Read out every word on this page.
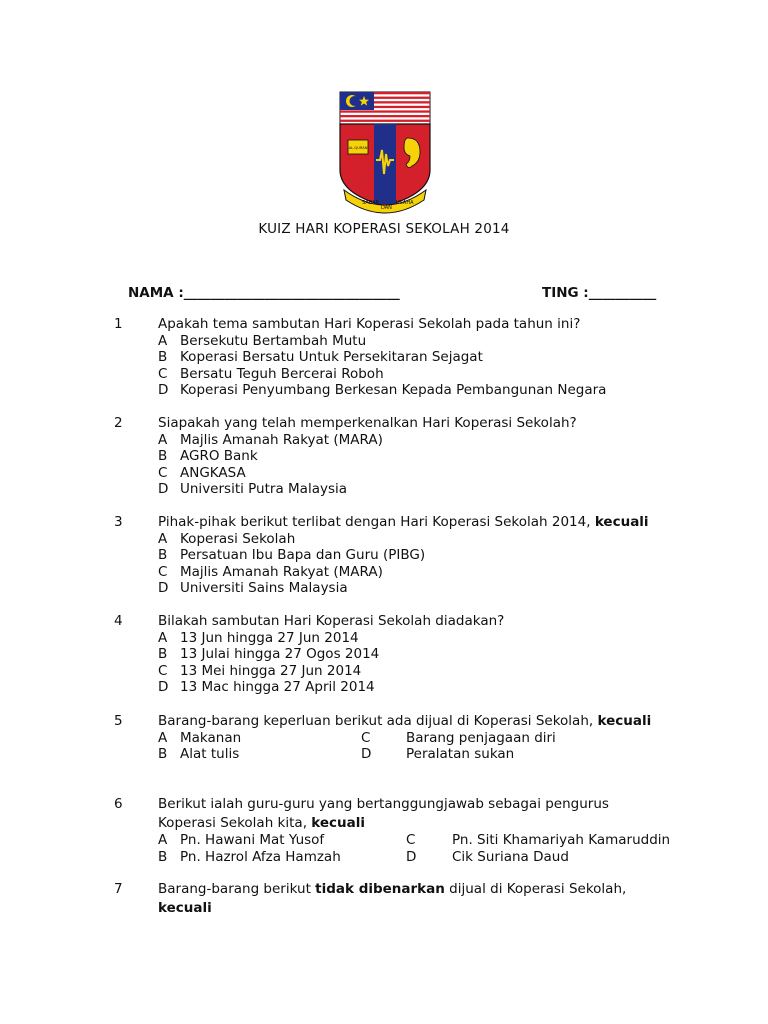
AL-QURAN
SABAR
DAN
USAHA
KUIZ HARI KOPERASI SEKOLAH 2014
NAMA :________________________________	TING :__________
1	Apakah tema sambutan Hari Koperasi Sekolah pada tahun ini?
A Bersekutu Bertambah Mutu
B Koperasi Bersatu Untuk Persekitaran Sejagat
C Bersatu Teguh Bercerai Roboh
D Koperasi Penyumbang Berkesan Kepada Pembangunan Negara
2	Siapakah yang telah memperkenalkan Hari Koperasi Sekolah?
A Majlis Amanah Rakyat (MARA)
B AGRO Bank
C ANGKASA
D Universiti Putra Malaysia
3	Pihak-pihak berikut terlibat dengan Hari Koperasi Sekolah 2014, kecuali
A Koperasi Sekolah
B Persatuan Ibu Bapa dan Guru (PIBG)
C Majlis Amanah Rakyat (MARA)
D Universiti Sains Malaysia
4	Bilakah sambutan Hari Koperasi Sekolah diadakan?
A 13 Jun hingga 27 Jun 2014
B 13 Julai hingga 27 Ogos 2014
C 13 Mei hingga 27 Jun 2014
D 13 Mac hingga 27 April 2014
5	Barang-barang keperluan berikut ada dijual di Koperasi Sekolah, kecuali
A Makanan
B Alat tulis
C	Barang penjagaan diri
D	Peralatan sukan
6	Berikut ialah guru-guru yang bertanggungjawab sebagai pengurus
Koperasi Sekolah kita, kecuali
A Pn. Hawani Mat Yusof
B Pn. Hazrol Afza Hamzah
C	Pn. Siti Khamariyah Kamaruddin
D	Cik Suriana Daud
7	Barang-barang berikut tidak dibenarkan dijual di Koperasi Sekolah,
kecuali
